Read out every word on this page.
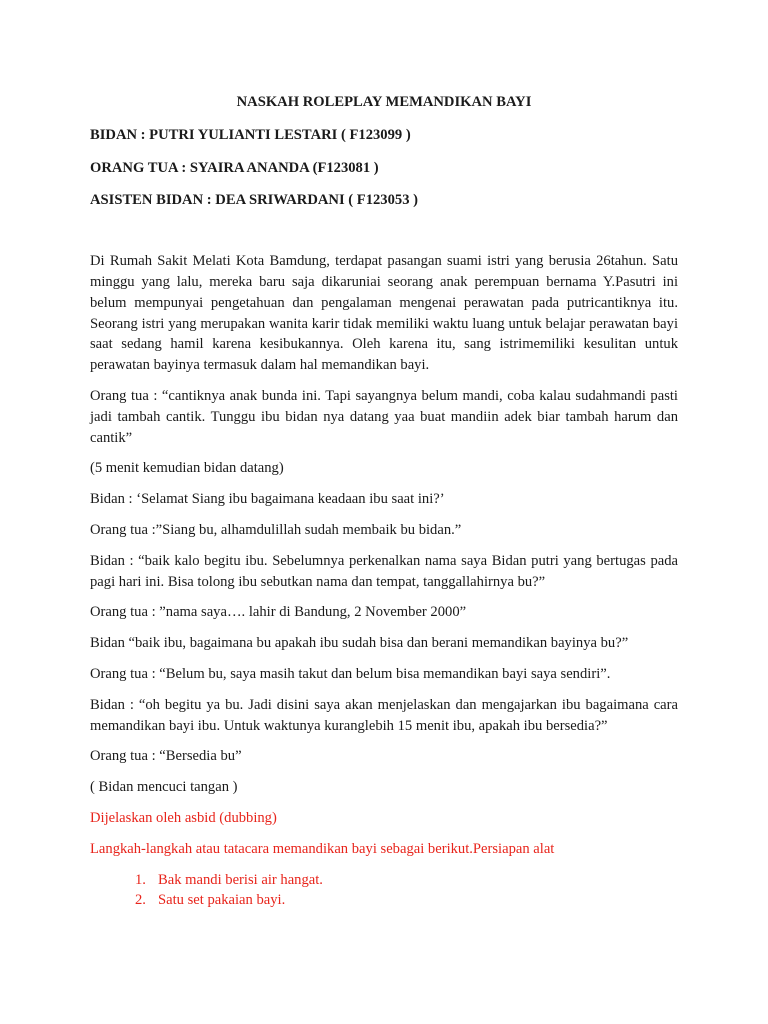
NASKAH ROLEPLAY MEMANDIKAN BAYI
BIDAN : PUTRI YULIANTI LESTARI ( F123099 )
ORANG TUA : SYAIRA ANANDA (F123081 )
ASISTEN BIDAN : DEA SRIWARDANI ( F123053 )

Di Rumah Sakit Melati Kota Bamdung, terdapat pasangan suami istri yang berusia 26tahun. Satu minggu yang lalu, mereka baru saja dikaruniai seorang anak perempuan bernama Y.Pasutri ini belum mempunyai pengetahuan dan pengalaman mengenai perawatan pada putricantiknya itu. Seorang istri yang merupakan wanita karir tidak memiliki waktu luang untuk belajar perawatan bayi saat sedang hamil karena kesibukannya. Oleh karena itu, sang istrimemiliki kesulitan untuk perawatan bayinya termasuk dalam hal memandikan bayi.

Orang tua : “cantiknya anak bunda ini. Tapi sayangnya belum mandi, coba kalau sudahmandi pasti jadi tambah cantik. Tunggu ibu bidan nya datang yaa buat mandiin adek biar tambah harum dan cantik”

(5 menit kemudian bidan datang)

Bidan : ‘Selamat Siang ibu bagaimana keadaan ibu saat ini?’

Orang tua :”Siang bu, alhamdulillah sudah membaik bu bidan.”

Bidan : “baik kalo begitu ibu. Sebelumnya perkenalkan nama saya Bidan putri yang bertugas pada pagi hari ini. Bisa tolong ibu sebutkan nama dan tempat, tanggallahirnya bu?”

Orang tua : ”nama saya…. lahir di Bandung, 2 November 2000”

Bidan “baik ibu, bagaimana bu apakah ibu sudah bisa dan berani memandikan bayinya bu?”

Orang tua : “Belum bu, saya masih takut dan belum bisa memandikan bayi saya sendiri”.

Bidan : “oh begitu ya bu. Jadi disini saya akan menjelaskan dan mengajarkan ibu bagaimana cara memandikan bayi ibu. Untuk waktunya kuranglebih 15 menit ibu, apakah ibu bersedia?”

Orang tua : “Bersedia bu”

( Bidan mencuci tangan )

Dijelaskan oleh asbid (dubbing)

Langkah-langkah atau tatacara memandikan bayi sebagai berikut.Persiapan alat

1. Bak mandi berisi air hangat.
2. Satu set pakaian bayi.
